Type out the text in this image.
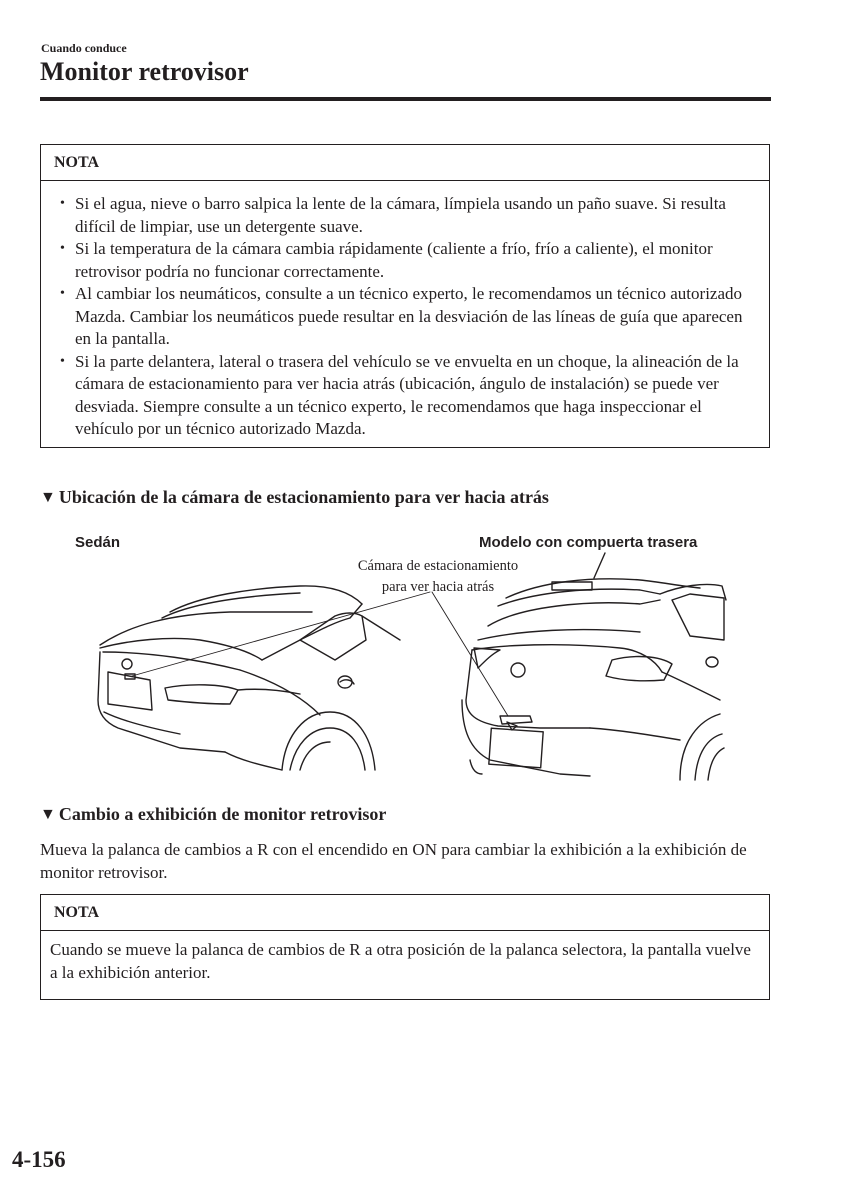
Cuando conduce
Monitor retrovisor
NOTA
• Si el agua, nieve o barro salpica la lente de la cámara, límpiela usando un paño suave. Si resulta difícil de limpiar, use un detergente suave.
• Si la temperatura de la cámara cambia rápidamente (caliente a frío, frío a caliente), el monitor retrovisor podría no funcionar correctamente.
• Al cambiar los neumáticos, consulte a un técnico experto, le recomendamos un técnico autorizado Mazda. Cambiar los neumáticos puede resultar en la desviación de las líneas de guía que aparecen en la pantalla.
• Si la parte delantera, lateral o trasera del vehículo se ve envuelta en un choque, la alineación de la cámara de estacionamiento para ver hacia atrás (ubicación, ángulo de instalación) se puede ver desviada. Siempre consulte a un técnico experto, le recomendamos que haga inspeccionar el vehículo por un técnico autorizado Mazda.
▼ Ubicación de la cámara de estacionamiento para ver hacia atrás
Sedán	Modelo con compuerta trasera
Cámara de estacionamiento
para ver hacia atrás
▼ Cambio a exhibición de monitor retrovisor
Mueva la palanca de cambios a R con el encendido en ON para cambiar la exhibición a la exhibición de monitor retrovisor.
NOTA
Cuando se mueve la palanca de cambios de R a otra posición de la palanca selectora, la pantalla vuelve a la exhibición anterior.
4-156
